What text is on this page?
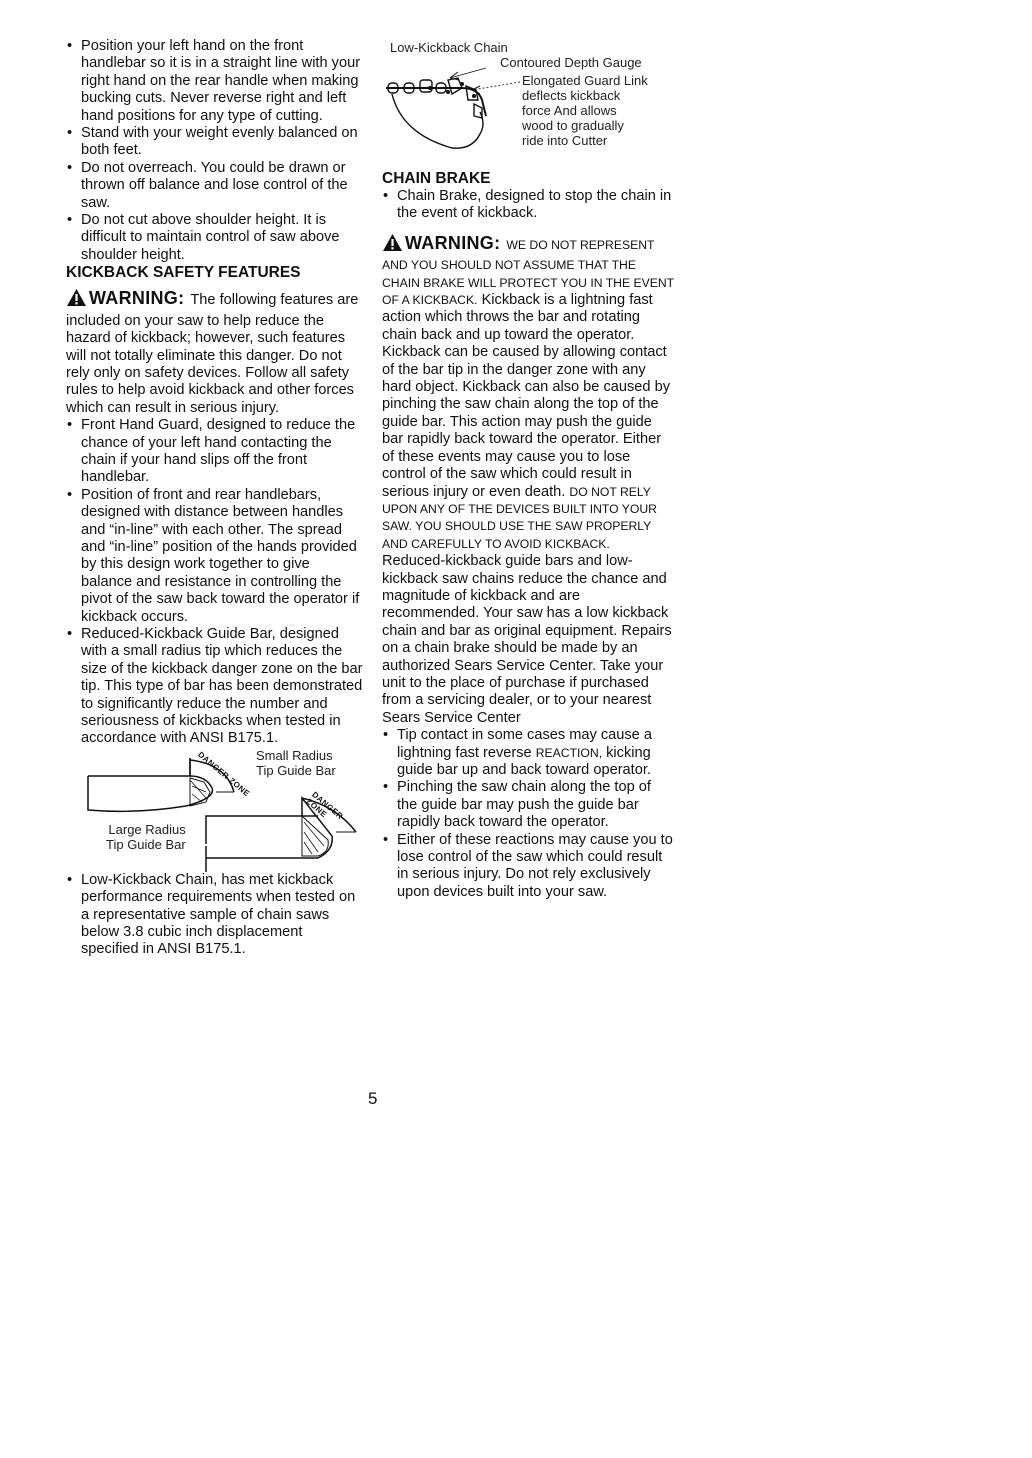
• Position your left hand on the front handlebar so it is in a straight line with your right hand on the rear handle when making bucking cuts. Never reverse right and left hand positions for any type of cutting.
• Stand with your weight evenly balanced on both feet.
• Do not overreach. You could be drawn or thrown off balance and lose control of the saw.
• Do not cut above shoulder height. It is difficult to maintain control of saw above shoulder height.

KICKBACK SAFETY FEATURES

WARNING: The following features are included on your saw to help reduce the hazard of kickback; however, such features will not totally eliminate this danger. Do not rely only on safety devices. Follow all safety rules to help avoid kickback and other forces which can result in serious injury.

• Front Hand Guard, designed to reduce the chance of your left hand contacting the chain if your hand slips off the front handlebar.
• Position of front and rear handlebars, designed with distance between handles and “in-line” with each other. The spread and “in-line” position of the hands provided by this design work together to give balance and resistance in controlling the pivot of the saw back toward the operator if kickback occurs.
• Reduced-Kickback Guide Bar, designed with a small radius tip which reduces the size of the kickback danger zone on the bar tip. This type of bar has been demonstrated to significantly reduce the number and seriousness of kickbacks when tested in accordance with ANSI B175.1.
DANGER ZONE
DANGER ZONE
Small Radius
Tip Guide Bar
Large Radius
Tip Guide Bar
• Low-Kickback Chain, has met kickback performance requirements when tested on a representative sample of chain saws below 3.8 cubic inch displacement specified in ANSI B175.1.
Low-Kickback Chain
Contoured Depth Gauge
Elongated Guard Link
deflects kickback
force And allows
wood to gradually
ride into Cutter

CHAIN BRAKE

• Chain Brake, designed to stop the chain in the event of kickback.

WARNING: WE DO NOT REPRESENT AND YOU SHOULD NOT ASSUME THAT THE CHAIN BRAKE WILL PROTECT YOU IN THE EVENT OF A KICKBACK. Kickback is a lightning fast action which throws the bar and rotating chain back and up toward the operator. Kickback can be caused by allowing contact of the bar tip in the danger zone with any hard object. Kickback can also be caused by pinching the saw chain along the top of the guide bar. This action may push the guide bar rapidly back toward the operator. Either of these events may cause you to lose control of the saw which could result in serious injury or even death. DO NOT RELY UPON ANY OF THE DEVICES BUILT INTO YOUR SAW. YOU SHOULD USE THE SAW PROPERLY AND CAREFULLY TO AVOID KICKBACK. Reduced-kickback guide bars and low-kickback saw chains reduce the chance and magnitude of kickback and are recommended. Your saw has a low kickback chain and bar as original equipment. Repairs on a chain brake should be made by an authorized Sears Service Center. Take your unit to the place of purchase if purchased from a servicing dealer, or to your nearest Sears Service Center

• Tip contact in some cases may cause a lightning fast reverse REACTION, kicking guide bar up and back toward operator.
• Pinching the saw chain along the top of the guide bar may push the guide bar rapidly back toward the operator.
• Either of these reactions may cause you to lose control of the saw which could result in serious injury. Do not rely exclusively upon devices built into your saw.
5
